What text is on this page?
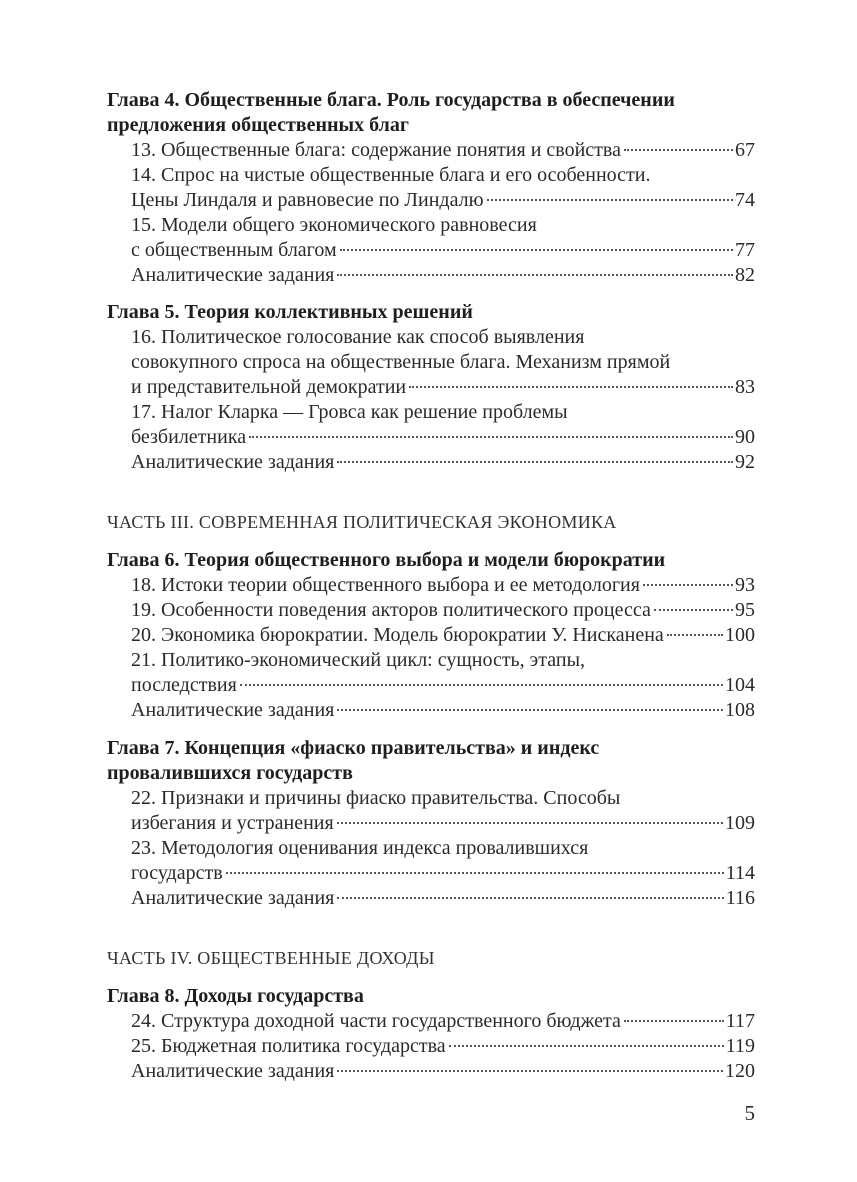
Глава 4. Общественные блага. Роль государства в обеспечении
предложения общественных благ
13. Общественные блага: содержание понятия и свойства	67
14. Спрос на чистые общественные блага и его особенности.
Цены Линдаля и равновесие по Линдалю	74
15. Модели общего экономического равновесия
с общественным благом	77
Аналитические задания	82
Глава 5. Теория коллективных решений
16. Политическое голосование как способ выявления
совокупного спроса на общественные блага. Механизм прямой
и представительной демократии	83
17. Налог Кларка — Гровса как решение проблемы
безбилетника	90
Аналитические задания	92
ЧАСТЬ III. СОВРЕМЕННАЯ ПОЛИТИЧЕСКАЯ ЭКОНОМИКА
Глава 6. Теория общественного выбора и модели бюрократии
18. Истоки теории общественного выбора и ее методология	93
19. Особенности поведения акторов политического процесса	95
20. Экономика бюрократии. Модель бюрократии У. Нисканена	100
21. Политико-экономический цикл: сущность, этапы,
последствия	104
Аналитические задания	108
Глава 7. Концепция «фиаско правительства» и индекс
провалившихся государств
22. Признаки и причины фиаско правительства. Способы
избегания и устранения	109
23. Методология оценивания индекса провалившихся
государств	114
Аналитические задания	116
ЧАСТЬ IV. ОБЩЕСТВЕННЫЕ ДОХОДЫ
Глава 8. Доходы государства
24. Структура доходной части государственного бюджета	117
25. Бюджетная политика государства	119
Аналитические задания	120
5
